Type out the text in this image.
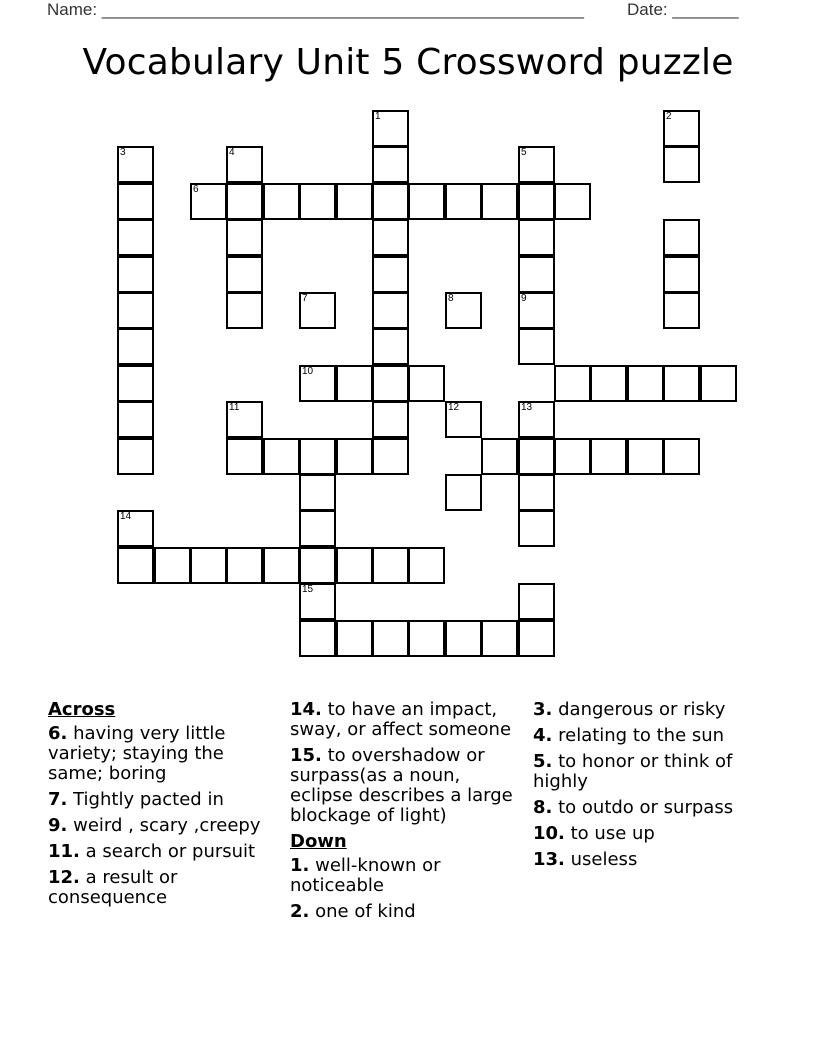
Name: ___________________________________________________	Date: _______
Vocabulary Unit 5 Crossword puzzle
10
1	2
3	4	5
9
12
15
6
7	8
11	13
14
Across
6. having very little variety; staying the same; boring
7. Tightly pacted in
9. weird , scary ,creepy
11. a search or pursuit
12. a result or consequence
14. to have an impact, sway, or affect someone
15. to overshadow or surpass(as a noun, eclipse describes a large blockage of light)
Down
1. well-known or noticeable
2. one of kind
3. dangerous or risky
4. relating to the sun
5. to honor or think of highly
8. to outdo or surpass
10. to use up
13. useless
